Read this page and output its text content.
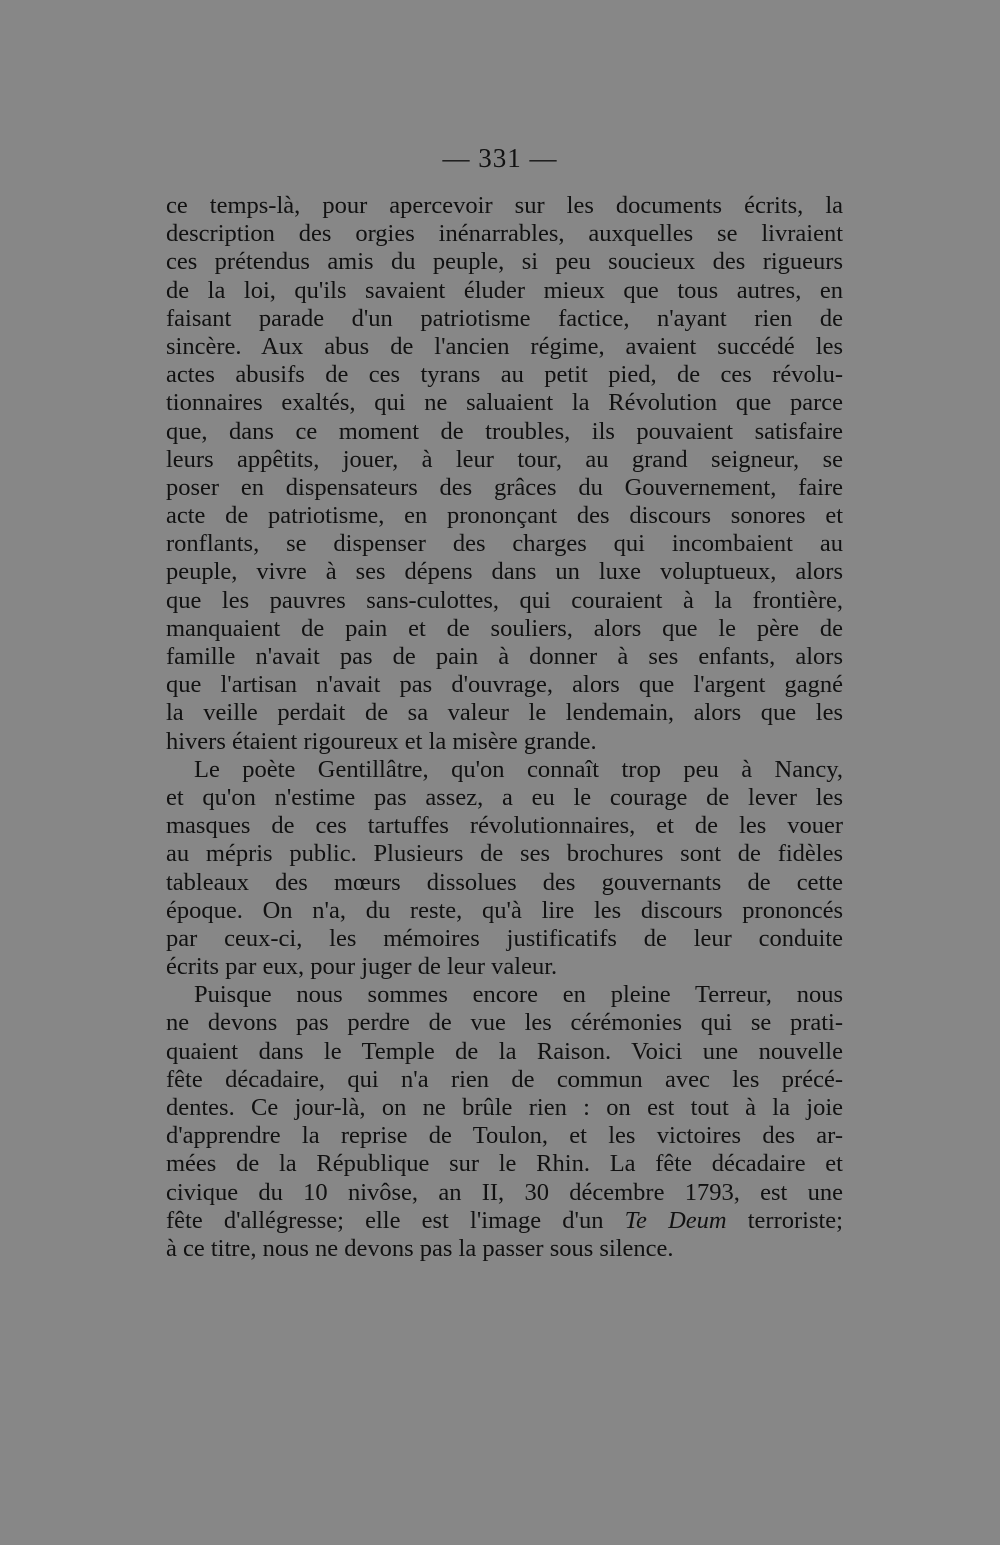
— 331 —
ce temps-là, pour apercevoir sur les documents écrits, la
description des orgies inénarrables, auxquelles se livraient
ces prétendus amis du peuple, si peu soucieux des rigueurs
de la loi, qu'ils savaient éluder mieux que tous autres, en
faisant parade d'un patriotisme factice, n'ayant rien de
sincère. Aux abus de l'ancien régime, avaient succédé les
actes abusifs de ces tyrans au petit pied, de ces révolu-
tionnaires exaltés, qui ne saluaient la Révolution que parce
que, dans ce moment de troubles, ils pouvaient satisfaire
leurs appêtits, jouer, à leur tour, au grand seigneur, se
poser en dispensateurs des grâces du Gouvernement, faire
acte de patriotisme, en prononçant des discours sonores et
ronflants, se dispenser des charges qui incombaient au
peuple, vivre à ses dépens dans un luxe voluptueux, alors
que les pauvres sans-culottes, qui couraient à la frontière,
manquaient de pain et de souliers, alors que le père de
famille n'avait pas de pain à donner à ses enfants, alors
que l'artisan n'avait pas d'ouvrage, alors que l'argent gagné
la veille perdait de sa valeur le lendemain, alors que les
hivers étaient rigoureux et la misère grande.
Le poète Gentillâtre, qu'on connaît trop peu à Nancy,
et qu'on n'estime pas assez, a eu le courage de lever les
masques de ces tartuffes révolutionnaires, et de les vouer
au mépris public. Plusieurs de ses brochures sont de fidèles
tableaux des mœurs dissolues des gouvernants de cette
époque. On n'a, du reste, qu'à lire les discours prononcés
par ceux-ci, les mémoires justificatifs de leur conduite
écrits par eux, pour juger de leur valeur.
Puisque nous sommes encore en pleine Terreur, nous
ne devons pas perdre de vue les cérémonies qui se prati-
quaient dans le Temple de la Raison. Voici une nouvelle
fête décadaire, qui n'a rien de commun avec les précé-
dentes. Ce jour-là, on ne brûle rien : on est tout à la joie
d'apprendre la reprise de Toulon, et les victoires des ar-
mées de la République sur le Rhin. La fête décadaire et
civique du 10 nivôse, an II, 30 décembre 1793, est une
fête d'allégresse; elle est l'image d'un Te Deum terroriste;
à ce titre, nous ne devons pas la passer sous silence.
